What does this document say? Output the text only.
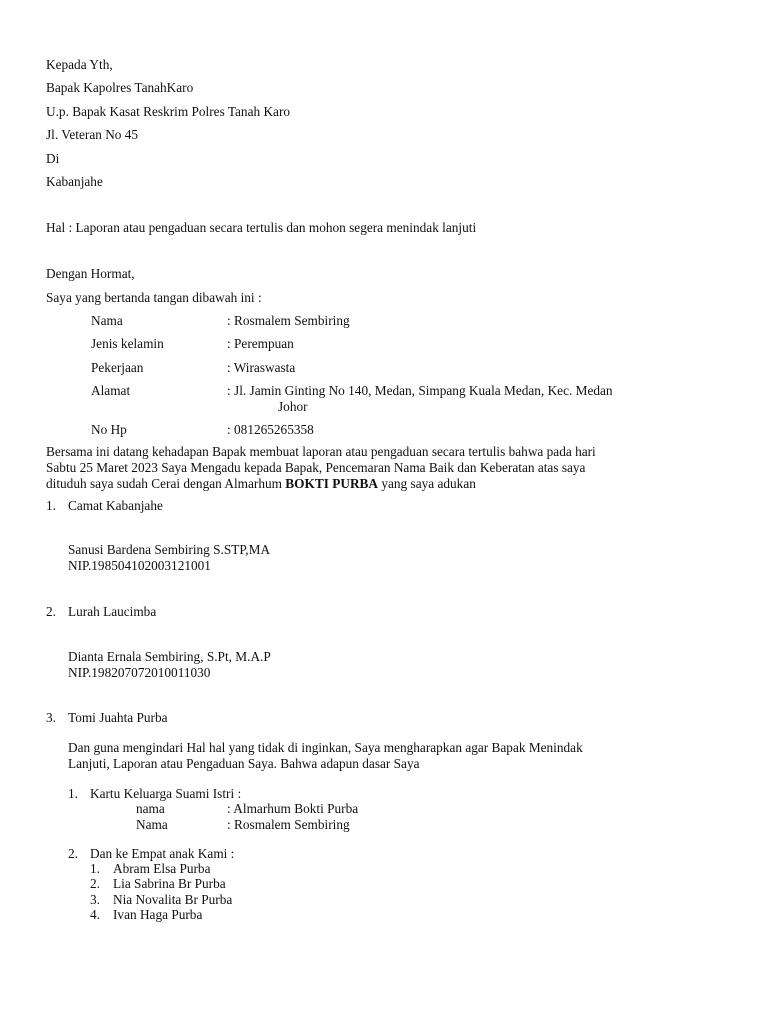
Kepada Yth,
Bapak Kapolres TanahKaro
U.p. Bapak Kasat Reskrim Polres Tanah Karo
Jl. Veteran No 45
Di
Kabanjahe
Hal : Laporan atau pengaduan secara tertulis dan mohon segera menindak lanjuti
Dengan Hormat,
Saya yang bertanda tangan dibawah ini :
Nama	: Rosmalem Sembiring
Jenis kelamin	: Perempuan
Pekerjaan	: Wiraswasta
Alamat	: Jl. Jamin Ginting No 140, Medan, Simpang Kuala Medan, Kec. Medan
Johor
No Hp	: 081265265358
Bersama ini datang kehadapan Bapak membuat laporan atau pengaduan secara tertulis bahwa pada hari
Sabtu 25 Maret 2023 Saya Mengadu kepada Bapak, Pencemaran Nama Baik dan Keberatan atas saya
dituduh saya sudah Cerai dengan Almarhum BOKTI PURBA yang saya adukan
1. Camat Kabanjahe
Sanusi Bardena Sembiring S.STP,MA
NIP.198504102003121001
2. Lurah Laucimba
Dianta Ernala Sembiring, S.Pt, M.A.P
NIP.198207072010011030
3. Tomi Juahta Purba
Dan guna mengindari Hal hal yang tidak di inginkan, Saya mengharapkan agar Bapak Menindak
Lanjuti, Laporan atau Pengaduan Saya. Bahwa adapun dasar Saya
1. Kartu Keluarga Suami Istri :
nama	: Almarhum Bokti Purba
Nama	: Rosmalem Sembiring
2. Dan ke Empat anak Kami :
1. Abram Elsa Purba
2. Lia Sabrina Br Purba
3. Nia Novalita Br Purba
4. Ivan Haga Purba
